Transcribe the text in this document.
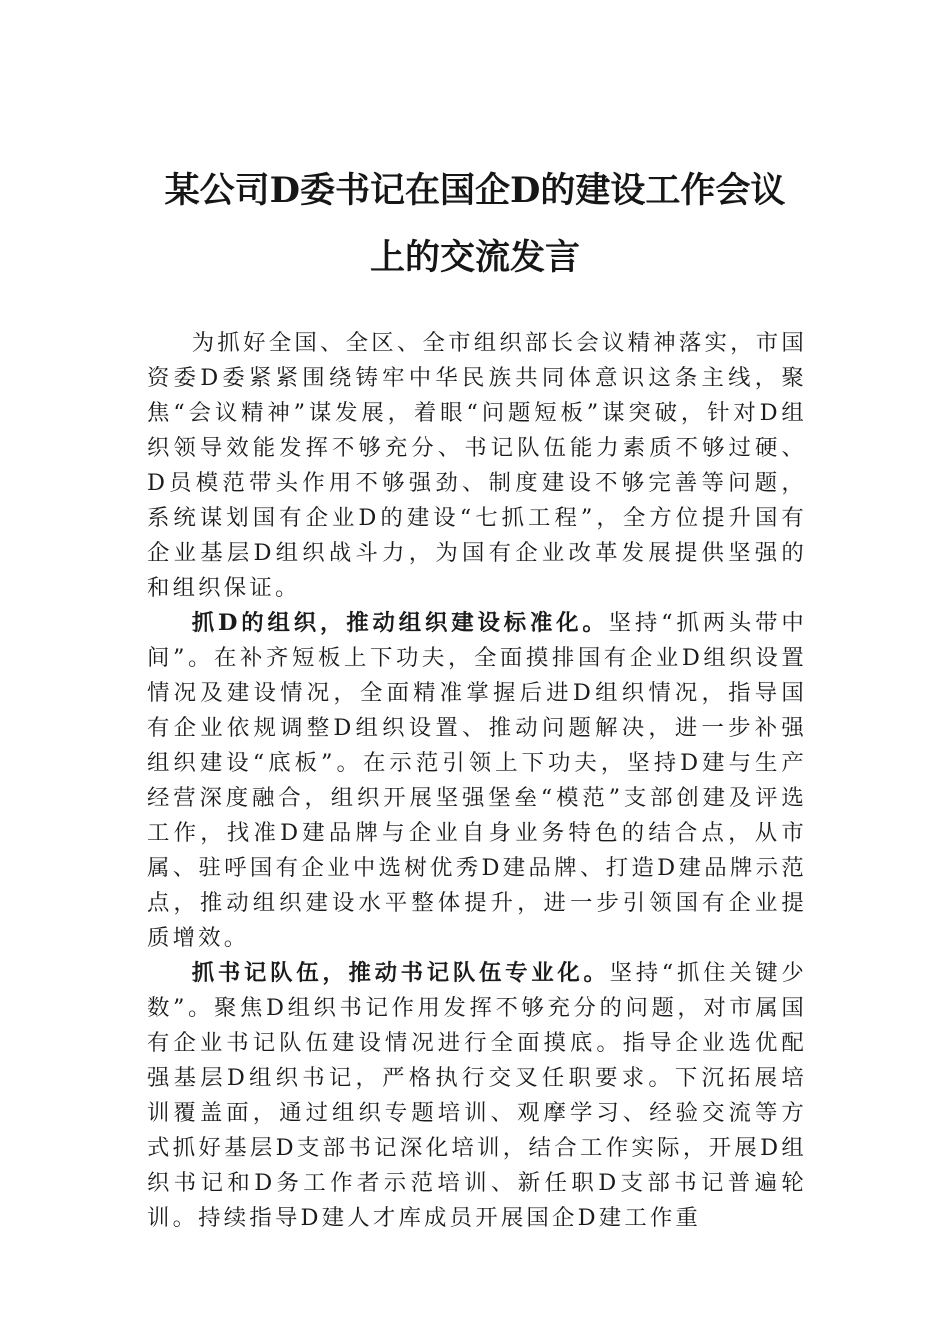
某公司D委书记在国企D的建设工作会议
上的交流发言

为抓好全国、全区、全市组织部长会议精神落实，市国资委D委紧紧围绕铸牢中华民族共同体意识这条主线，聚焦“会议精神”谋发展，着眼“问题短板”谋突破，针对D组织领导效能发挥不够充分、书记队伍能力素质不够过硬、D员模范带头作用不够强劲、制度建设不够完善等问题，系统谋划国有企业D的建设“七抓工程”，全方位提升国有企业基层D组织战斗力，为国有企业改革发展提供坚强的和组织保证。

抓D的组织，推动组织建设标准化。坚持“抓两头带中间”。在补齐短板上下功夫，全面摸排国有企业D组织设置情况及建设情况，全面精准掌握后进D组织情况，指导国有企业依规调整D组织设置、推动问题解决，进一步补强组织建设“底板”。在示范引领上下功夫，坚持D建与生产经营深度融合，组织开展坚强堡垒“模范”支部创建及评选工作，找准D建品牌与企业自身业务特色的结合点，从市属、驻呼国有企业中选树优秀D建品牌、打造D建品牌示范点，推动组织建设水平整体提升，进一步引领国有企业提质增效。

抓书记队伍，推动书记队伍专业化。坚持“抓住关键少数”。聚焦D组织书记作用发挥不够充分的问题，对市属国有企业书记队伍建设情况进行全面摸底。指导企业选优配强基层D组织书记，严格执行交叉任职要求。下沉拓展培训覆盖面，通过组织专题培训、观摩学习、经验交流等方式抓好基层D支部书记深化培训，结合工作实际，开展D组织书记和D务工作者示范培训、新任职D支部书记普遍轮训。持续指导D建人才库成员开展国企D建工作重
